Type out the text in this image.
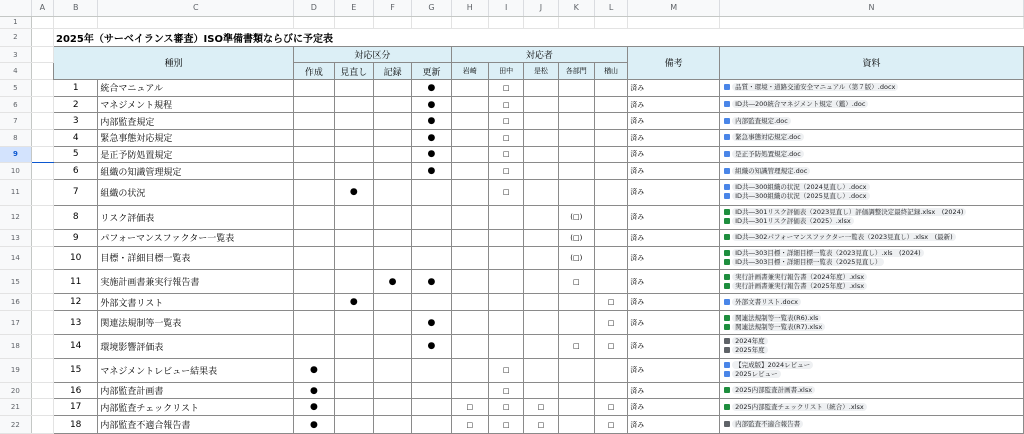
	A	B	C	D	E	F	G	H	I	J	K	L	M	N
1														
2		2025年（サーベイランス審査）ISO準備書類ならびに予定表												
3		種別		対応区分				対応者					備考	資料
4				作成	見直し	記録	更新	岩崎	田中	是松	各部門	楢山		
5		1	統合マニュアル				●		□				済み	品質・環境・道路交通安全マニュアル（第７版）.docx

6		2	マネジメント規程				●		□				済み	ID共―200統合マネジメント規定（鑑）.doc

7		3	内部監査規定				●		□				済み	内部監査規定.doc

8		4	緊急事態対応規定				●		□				済み	緊急事態対応規定.doc

9		5	是正予防処置規定				●		□				済み	是正予防処置規定.doc

10		6	組織の知識管理規定				●		□				済み	組織の知識管理規定.doc

11		7	組織の状況		●				□				済み	ID共―300組織の状況（2024見直し）.docx
ID共―300組織の状況（2025見直し）.docx

12		8	リスク評価表								(□)		済み	ID共―301リスク評価表（2023見直し）評価調整決定最終記録.xlsx　(2024)
ID共―301リスク評価表（2025）.xlsx

13		9	パフォーマンスファクター一覧表								(□)		済み	ID共―302パフォーマンスファクター一覧表（2023見直し）.xlsx　(最新)

14		10	目標・詳細目標一覧表								(□)		済み	ID共―303目標・詳細目標一覧表（2023見直し）.xls　(2024)
ID共―303目標・詳細目標一覧表（2025見直し）

15		11	実施計画書兼実行報告書			●	●				□		済み	実行計画書兼実行報告書（2024年度）.xlsx
実行計画書兼実行報告書（2025年度）.xlsx

16		12	外部文書リスト		●							□	済み	外部文書リスト.docx

17		13	関連法規制等一覧表				●					□	済み	関連法規制等一覧表(R6).xls
関連法規制等一覧表(R7).xlsx

18		14	環境影響評価表				●				□	□	済み	2024年度
2025年度

19		15	マネジメントレビュー結果表	●					□				済み	【完成版】2024レビュー
2025レビュー

20		16	内部監査計画書	●					□				済み	2025内部監査計画書.xlsx

21		17	内部監査チェックリスト	●				□	□	□		□	済み	2025内部監査チェックリスト（統合）.xlsx

22		18	内部監査不適合報告書	●				□	□	□		□	済み	内部監査不適合報告書
